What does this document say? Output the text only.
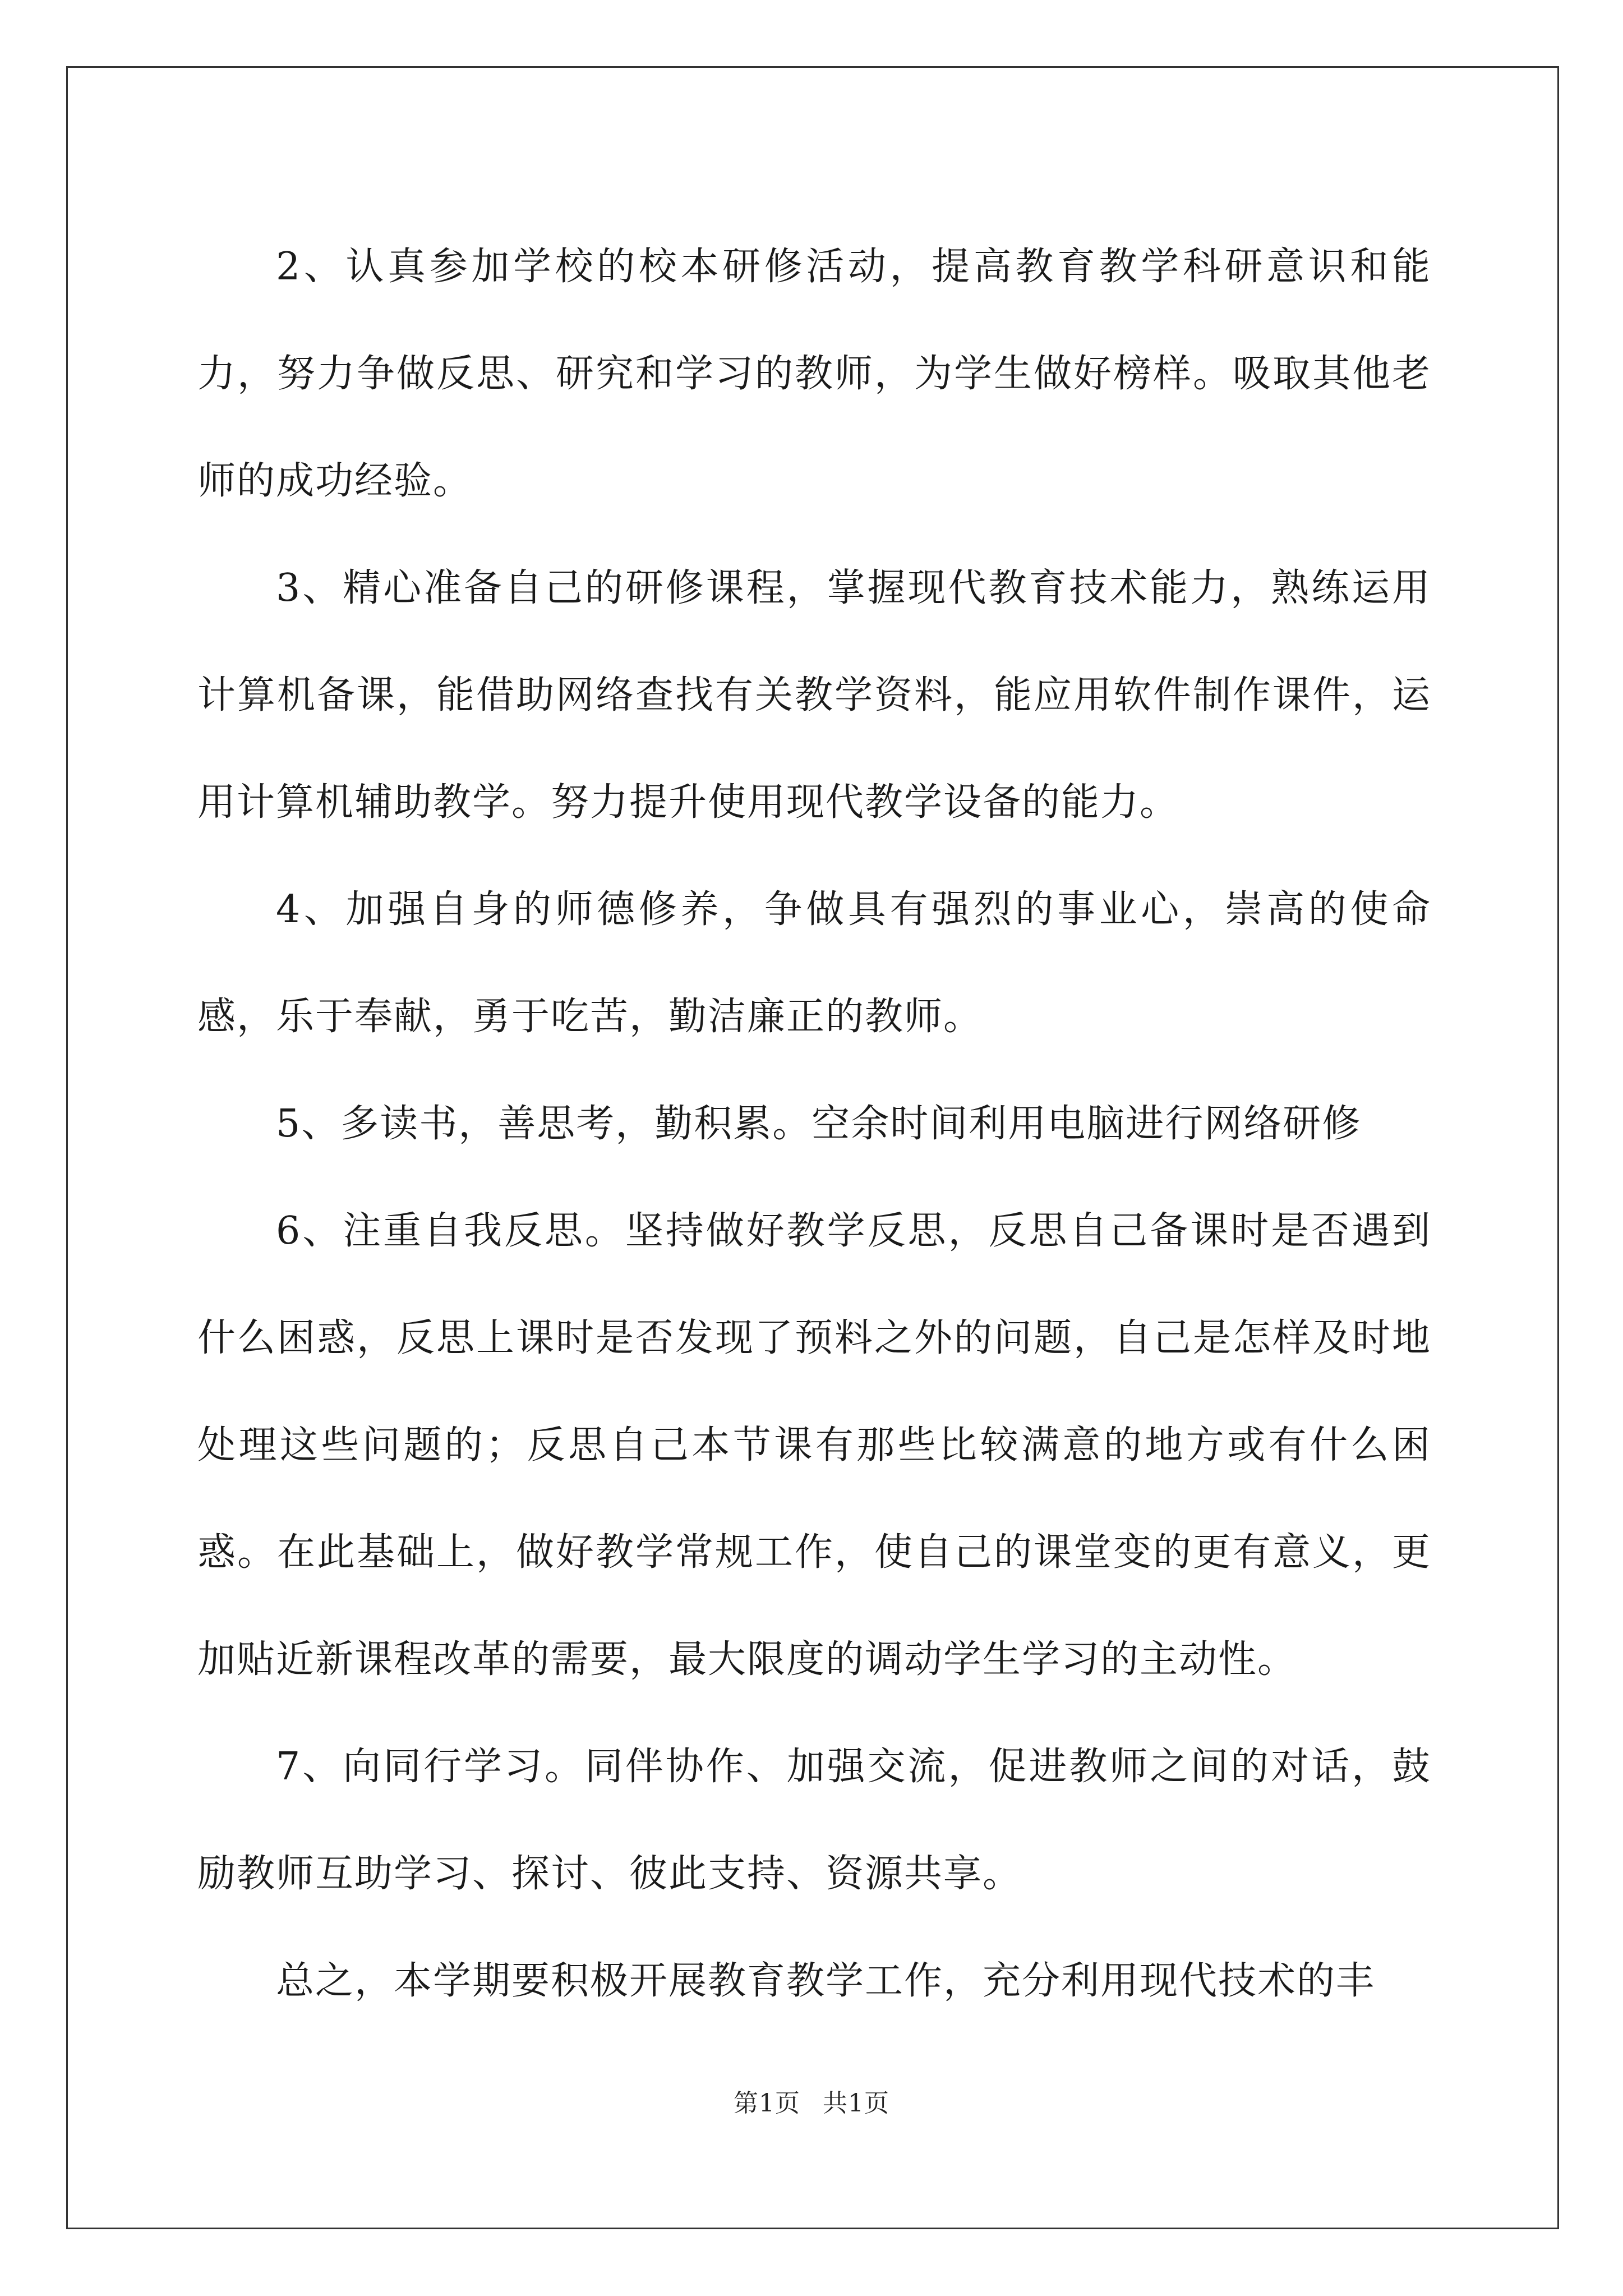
2、认真参加学校的校本研修活动，提高教育教学科研意识和能力，努力争做反思、研究和学习的教师，为学生做好榜样。吸取其他老师的成功经验。

3、精心准备自己的研修课程，掌握现代教育技术能力，熟练运用计算机备课，能借助网络查找有关教学资料，能应用软件制作课件，运用计算机辅助教学。努力提升使用现代教学设备的能力。

4、加强自身的师德修养，争做具有强烈的事业心，崇高的使命感，乐于奉献，勇于吃苦，勤洁廉正的教师。

5、多读书，善思考，勤积累。空余时间利用电脑进行网络研修

6、注重自我反思。坚持做好教学反思，反思自己备课时是否遇到什么困惑，反思上课时是否发现了预料之外的问题，自己是怎样及时地处理这些问题的；反思自己本节课有那些比较满意的地方或有什么困惑。在此基础上，做好教学常规工作，使自己的课堂变的更有意义，更加贴近新课程改革的需要，最大限度的调动学生学习的主动性。

7、向同行学习。同伴协作、加强交流，促进教师之间的对话，鼓励教师互助学习、探讨、彼此支持、资源共享。

总之，本学期要积极开展教育教学工作，充分利用现代技术的丰

第1页 共1页
